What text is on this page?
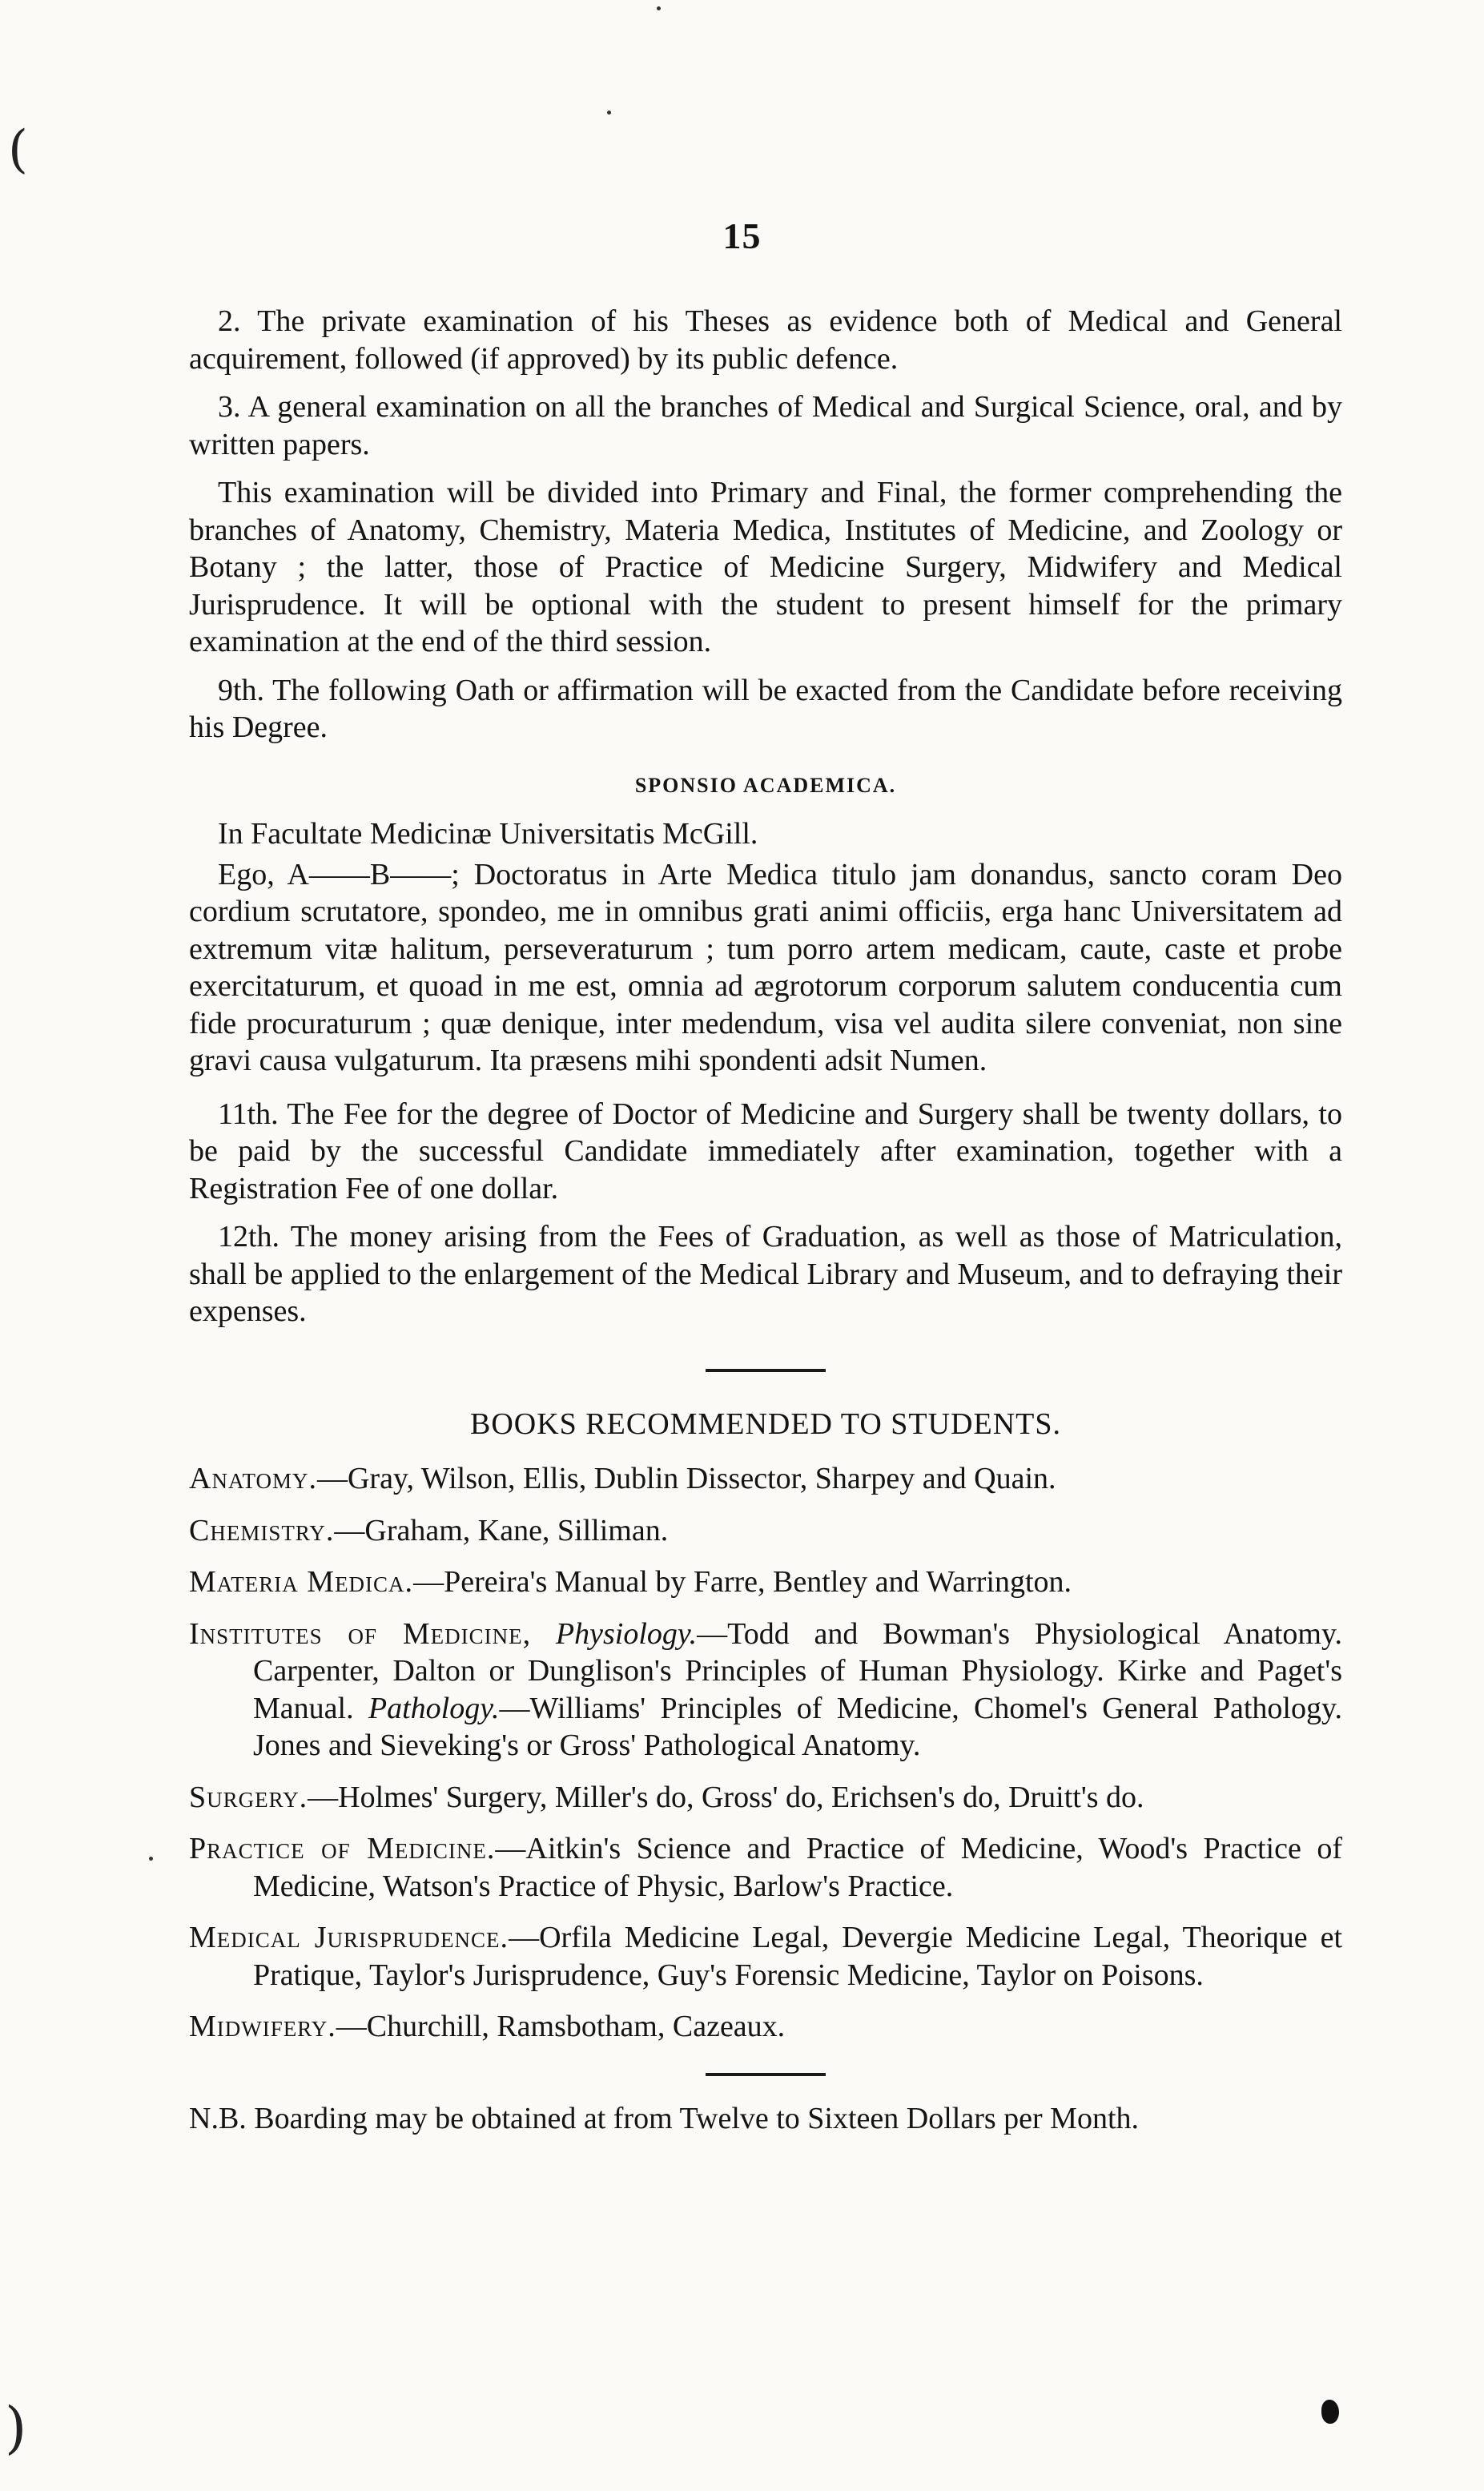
(
)
15

2. The private examination of his Theses as evidence both of Medical and General acquirement, followed (if approved) by its public defence.

3. A general examination on all the branches of Medical and Surgical Science, oral, and by written papers.

This examination will be divided into Primary and Final, the former comprehending the branches of Anatomy, Chemistry, Materia Medica, Institutes of Medicine, and Zoology or Botany ; the latter, those of Practice of Medicine Surgery, Midwifery and Medical Jurisprudence. It will be optional with the student to present himself for the primary examination at the end of the third session.

9th. The following Oath or affirmation will be exacted from the Candidate before receiving his Degree.

SPONSIO ACADEMICA.

In Facultate Medicinæ Universitatis McGill.

Ego, A——B——; Doctoratus in Arte Medica titulo jam donandus, sancto coram Deo cordium scrutatore, spondeo, me in omnibus grati animi officiis, erga hanc Universitatem ad extremum vitæ halitum, perseveraturum ; tum porro artem medicam, caute, caste et probe exercitaturum, et quoad in me est, omnia ad ægrotorum corporum salutem conducentia cum fide procuraturum ; quæ denique, inter medendum, visa vel audita silere conveniat, non sine gravi causa vulgaturum. Ita præsens mihi spondenti adsit Numen.

11th. The Fee for the degree of Doctor of Medicine and Surgery shall be twenty dollars, to be paid by the successful Candidate immediately after examination, together with a Registration Fee of one dollar.

12th. The money arising from the Fees of Graduation, as well as those of Matriculation, shall be applied to the enlargement of the Medical Library and Museum, and to defraying their expenses.

BOOKS RECOMMENDED TO STUDENTS.

Anatomy.—Gray, Wilson, Ellis, Dublin Dissector, Sharpey and Quain.

Chemistry.—Graham, Kane, Silliman.

Materia Medica.—Pereira's Manual by Farre, Bentley and Warrington.

Institutes of Medicine, Physiology.—Todd and Bowman's Physiological Anatomy. Carpenter, Dalton or Dunglison's Principles of Human Physiology. Kirke and Paget's Manual. Pathology.—Williams' Principles of Medicine, Chomel's General Pathology. Jones and Sieveking's or Gross' Pathological Anatomy.

Surgery.—Holmes' Surgery, Miller's do, Gross' do, Erichsen's do, Druitt's do.

Practice of Medicine.—Aitkin's Science and Practice of Medicine, Wood's Practice of Medicine, Watson's Practice of Physic, Barlow's Practice.

Medical Jurisprudence.—Orfila Medicine Legal, Devergie Medicine Legal, Theorique et Pratique, Taylor's Jurisprudence, Guy's Forensic Medicine, Taylor on Poisons.

Midwifery.—Churchill, Ramsbotham, Cazeaux.

N.B. Boarding may be obtained at from Twelve to Sixteen Dollars per Month.
